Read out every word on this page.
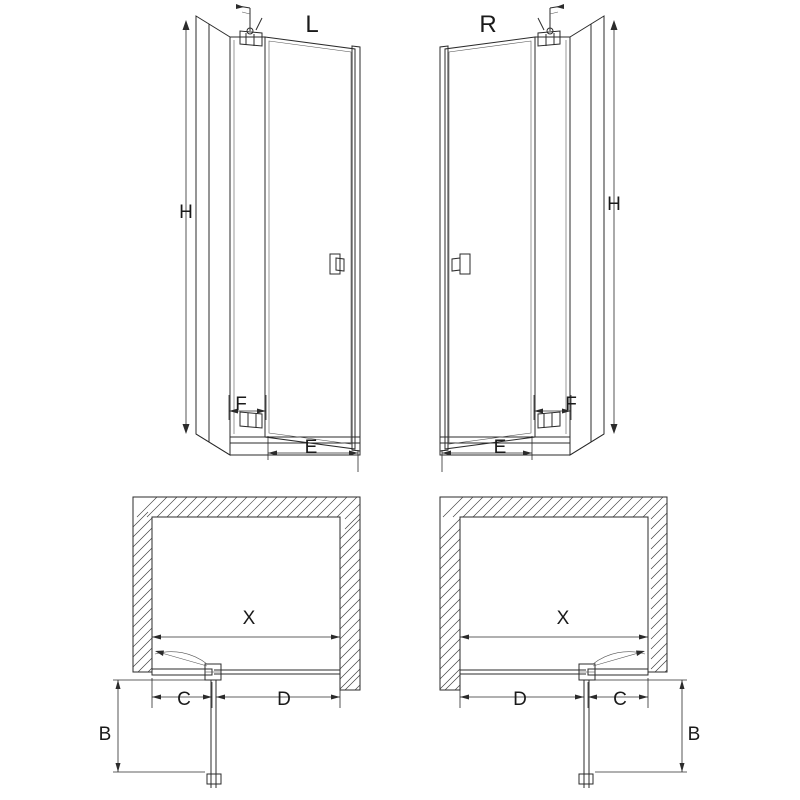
L	R
H	H
F	F
E	E
X	X
C	C
D	D
B	B
